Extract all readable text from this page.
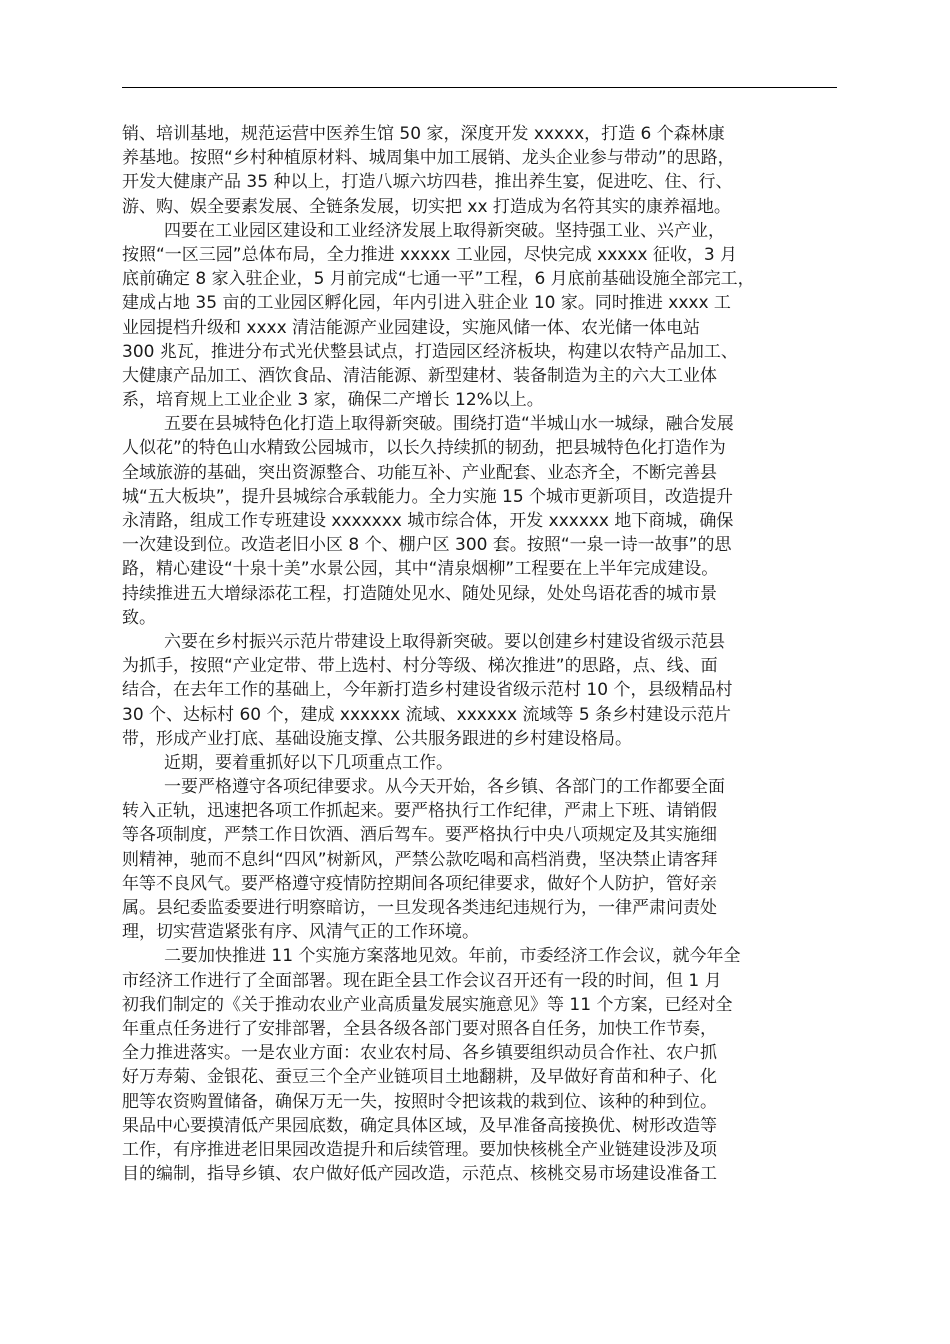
销、培训基地，规范运营中医养生馆 50 家，深度开发 xxxxx，打造 6 个森林康
养基地。按照“乡村种植原材料、城周集中加工展销、龙头企业参与带动”的思路，
开发大健康产品 35 种以上，打造八塬六坊四巷，推出养生宴，促进吃、住、行、
游、购、娱全要素发展、全链条发展，切实把 xx 打造成为名符其实的康养福地。
四要在工业园区建设和工业经济发展上取得新突破。坚持强工业、兴产业，
按照“一区三园”总体布局，全力推进 xxxxx 工业园，尽快完成 xxxxx 征收，3 月
底前确定 8 家入驻企业，5 月前完成“七通一平”工程，6 月底前基础设施全部完工，
建成占地 35 亩的工业园区孵化园，年内引进入驻企业 10 家。同时推进 xxxx 工
业园提档升级和 xxxx 清洁能源产业园建设，实施风储一体、农光储一体电站
300 兆瓦，推进分布式光伏整县试点，打造园区经济板块，构建以农特产品加工、
大健康产品加工、酒饮食品、清洁能源、新型建材、装备制造为主的六大工业体
系，培育规上工业企业 3 家，确保二产增长 12%以上。
五要在县城特色化打造上取得新突破。围绕打造“半城山水一城绿，融合发展
人似花”的特色山水精致公园城市，以长久持续抓的韧劲，把县城特色化打造作为
全域旅游的基础，突出资源整合、功能互补、产业配套、业态齐全，不断完善县
城“五大板块”，提升县城综合承载能力。全力实施 15 个城市更新项目，改造提升
永清路，组成工作专班建设 xxxxxxx 城市综合体，开发 xxxxxx 地下商城，确保
一次建设到位。改造老旧小区 8 个、棚户区 300 套。按照“一泉一诗一故事”的思
路，精心建设“十泉十美”水景公园，其中“清泉烟柳”工程要在上半年完成建设。
持续推进五大增绿添花工程，打造随处见水、随处见绿，处处鸟语花香的城市景
致。
六要在乡村振兴示范片带建设上取得新突破。要以创建乡村建设省级示范县
为抓手，按照“产业定带、带上选村、村分等级、梯次推进”的思路，点、线、面
结合，在去年工作的基础上，今年新打造乡村建设省级示范村 10 个，县级精品村
30 个、达标村 60 个，建成 xxxxxx 流域、xxxxxx 流域等 5 条乡村建设示范片
带，形成产业打底、基础设施支撑、公共服务跟进的乡村建设格局。
近期，要着重抓好以下几项重点工作。
一要严格遵守各项纪律要求。从今天开始，各乡镇、各部门的工作都要全面
转入正轨，迅速把各项工作抓起来。要严格执行工作纪律，严肃上下班、请销假
等各项制度，严禁工作日饮酒、酒后驾车。要严格执行中央八项规定及其实施细
则精神，驰而不息纠“四风”树新风，严禁公款吃喝和高档消费，坚决禁止请客拜
年等不良风气。要严格遵守疫情防控期间各项纪律要求，做好个人防护，管好亲
属。县纪委监委要进行明察暗访，一旦发现各类违纪违规行为，一律严肃问责处
理，切实营造紧张有序、风清气正的工作环境。
二要加快推进 11 个实施方案落地见效。年前，市委经济工作会议，就今年全
市经济工作进行了全面部署。现在距全县工作会议召开还有一段的时间，但 1 月
初我们制定的《关于推动农业产业高质量发展实施意见》等 11 个方案，已经对全
年重点任务进行了安排部署，全县各级各部门要对照各自任务，加快工作节奏，
全力推进落实。一是农业方面：农业农村局、各乡镇要组织动员合作社、农户抓
好万寿菊、金银花、蚕豆三个全产业链项目土地翻耕，及早做好育苗和种子、化
肥等农资购置储备，确保万无一失，按照时令把该栽的栽到位、该种的种到位。
果品中心要摸清低产果园底数，确定具体区域，及早准备高接换优、树形改造等
工作，有序推进老旧果园改造提升和后续管理。要加快核桃全产业链建设涉及项
目的编制，指导乡镇、农户做好低产园改造，示范点、核桃交易市场建设准备工
